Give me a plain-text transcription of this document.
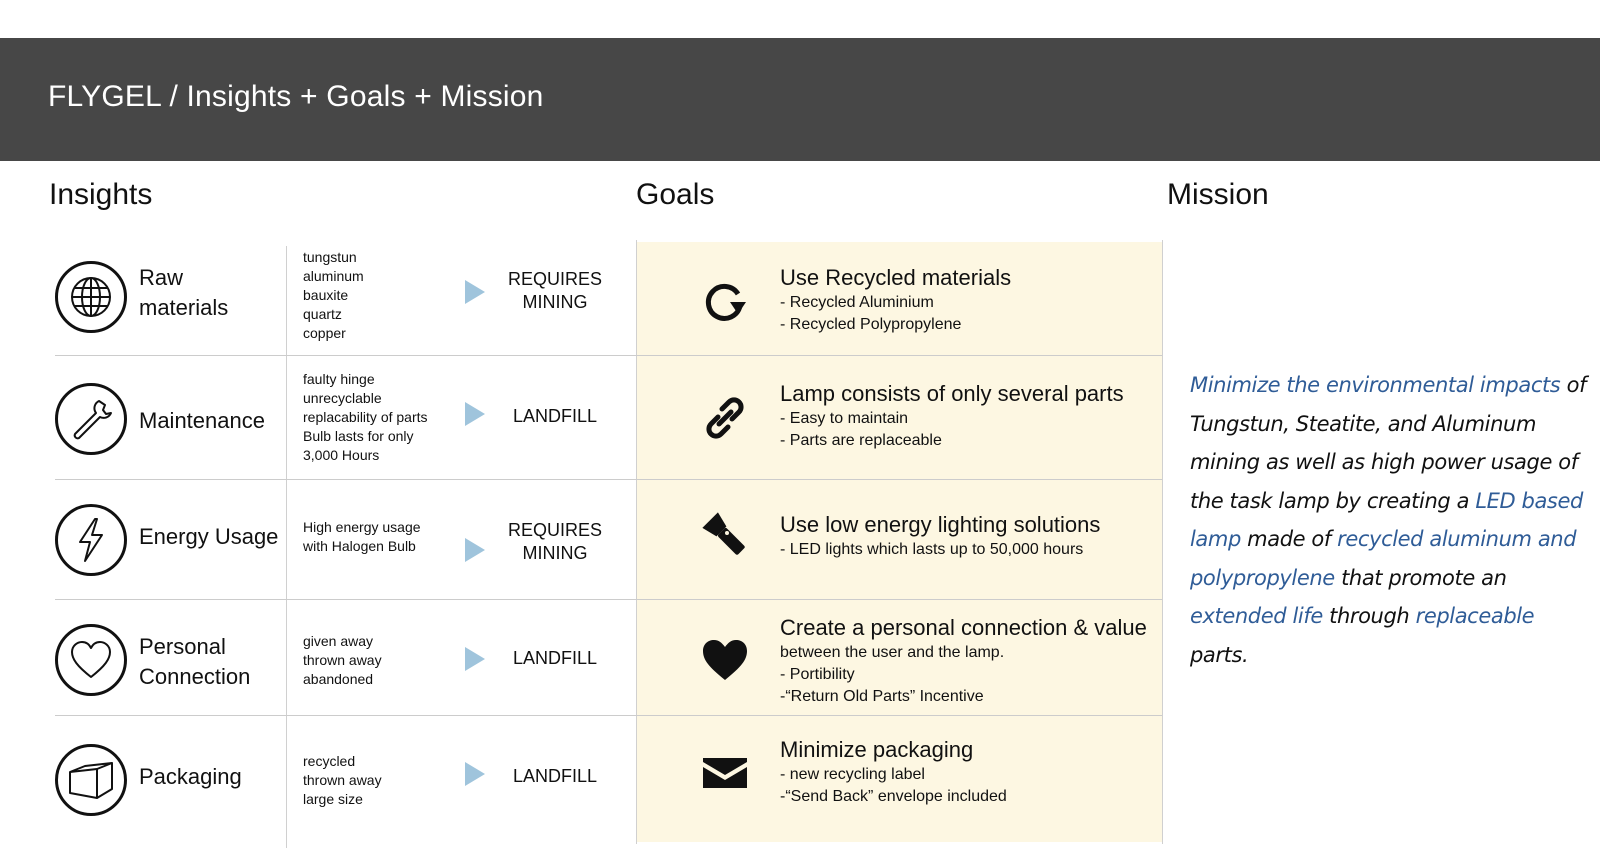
FLYGEL / Insights + Goals + Mission
Insights	Goals	Mission
Raw
materials
tungstun
aluminum
bauxite
quartz
copper
REQUIRES
MINING
Maintenance
faulty hinge
unrecyclable
replacability of parts
Bulb lasts for only
3,000 Hours
LANDFILL
Energy Usage High energy usage
with Halogen Bulb
REQUIRES
MINING
Personal
Connection
given away
thrown away
abandoned
LANDFILL
Packaging
recycled
thrown away
large size
LANDFILL
Use Recycled materials
- Recycled Aluminium
- Recycled Polypropylene
Lamp consists of only several parts
- Easy to maintain
- Parts are replaceable
Use low energy lighting solutions
- LED lights which lasts up to 50,000 hours
Create a personal connection & value
between the user and the lamp.
- Portibility
-“Return Old Parts” Incentive
Minimize packaging
- new recycling label
-“Send Back” envelope included

Minimize the environmental impacts of Tungstun, Steatite, and Aluminum mining as well as high power usage of the task lamp by creating a LED based lamp made of recycled aluminum and polypropylene that promote an extended life through replaceable parts.
